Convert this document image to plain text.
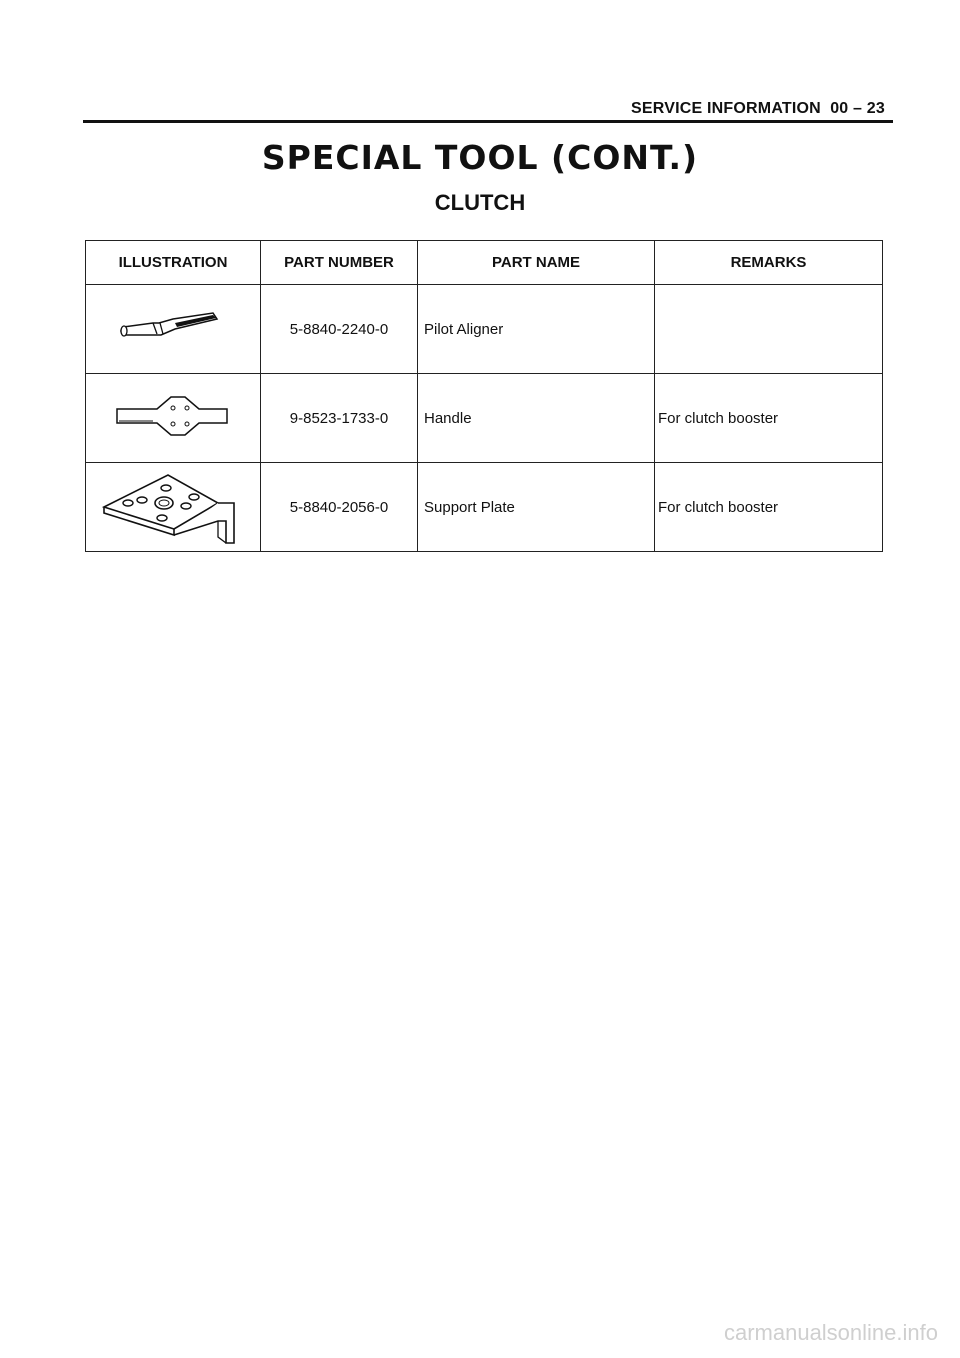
SERVICE INFORMATION 00 – 23
SPECIAL TOOL (CONT.)
CLUTCH
ILLUSTRATION	PART NUMBER	PART NAME	REMARKS

	5-8840-2240-0	Pilot Aligner	

	9-8523-1733-0	Handle	For clutch booster

	5-8840-2056-0	Support Plate	For clutch booster
carmanualsonline.info
